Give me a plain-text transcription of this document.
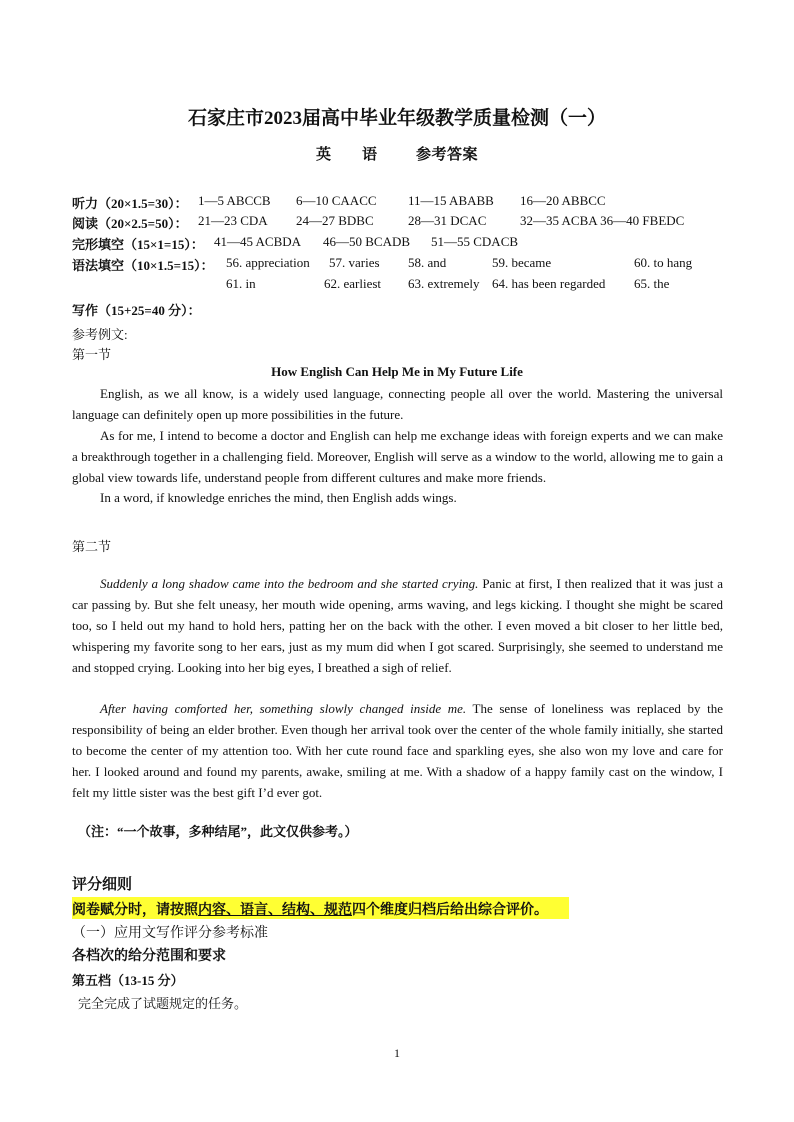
石家庄市2023届高中毕业年级教学质量检测（一）
英 语	参考答案
听力（20×1.5=30）： 1—5 ABCCB 6—10 CAACC 11—15 ABABB 16—20 ABBCC
阅读（20×2.5=50）： 21—23 CDA 24—27 BDBC	28—31 DCAC	32—35 ACBA 36—40 FBEDC
完形填空（15×1=15）： 41—45 ACBDA 46—50 BCADB 51—55 CDACB
语法填空（10×1.5=15）： 56. appreciation 57. varies 58. and	59. became	60. to hang
61. in	62. earliest 63. extremely 64. has been regarded 65. the
写作（15+25=40 分）：
参考例文:
第一节
How English Can Help Me in My Future Life
English, as we all know, is a widely used language, connecting people all over the world. Mastering the universal language can definitely open up more possibilities in the future.
As for me, I intend to become a doctor and English can help me exchange ideas with foreign experts and we can make a breakthrough together in a challenging field. Moreover, English will serve as a window to the world, allowing me to gain a global view towards life, understand people from different cultures and make more friends.
In a word, if knowledge enriches the mind, then English adds wings.
第二节
Suddenly a long shadow came into the bedroom and she started crying. Panic at first, I then realized that it was just a car passing by. But she felt uneasy, her mouth wide opening, arms waving, and legs kicking. I thought she might be scared too, so I held out my hand to hold hers, patting her on the back with the other. I even moved a bit closer to her little bed, whispering my favorite song to her ears, just as my mum did when I got scared. Surprisingly, she seemed to understand me and stopped crying. Looking into her big eyes, I breathed a sigh of relief.
After having comforted her, something slowly changed inside me. The sense of loneliness was replaced by the responsibility of being an elder brother. Even though her arrival took over the center of the whole family initially, she started to become the center of my attention too. With her cute round face and sparkling eyes, she also won my love and care for her. I looked around and found my parents, awake, smiling at me. With a shadow of a happy family cast on the window, I felt my little sister was the best gift I’d ever got.
（注：“一个故事，多种结尾”，此文仅供参考。）
评分细则
阅卷赋分时，请按照内容、语言、结构、规范四个维度归档后给出综合评价。
（一）应用文写作评分参考标准
各档次的给分范围和要求
第五档（13-15 分）
完全完成了试题规定的任务。
1
